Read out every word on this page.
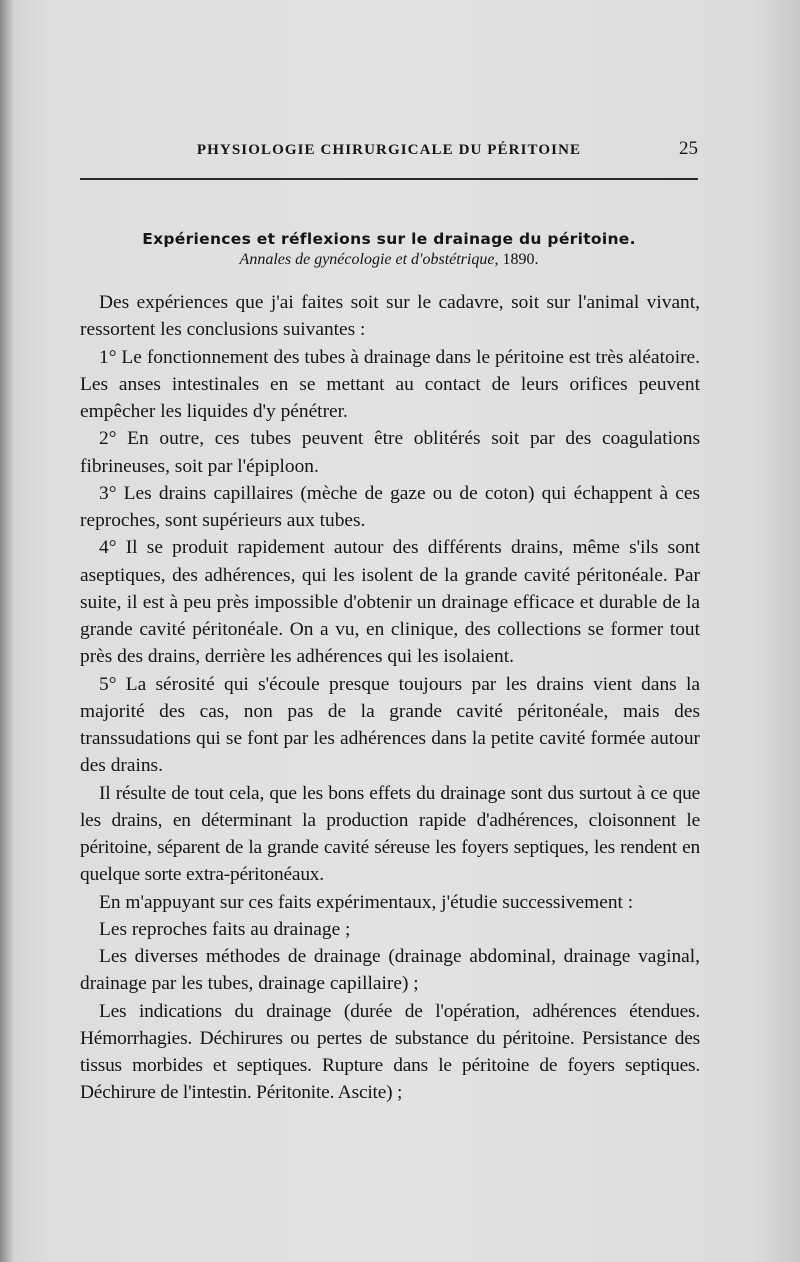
PHYSIOLOGIE CHIRURGICALE DU PÉRITOINE	25
Expériences et réflexions sur le drainage du péritoine.
Annales de gynécologie et d'obstétrique, 1890.

Des expériences que j'ai faites soit sur le cadavre, soit sur l'animal vivant, ressortent les conclusions suivantes :

1° Le fonctionnement des tubes à drainage dans le péritoine est très aléatoire. Les anses intestinales en se mettant au contact de leurs orifices peuvent empêcher les liquides d'y pénétrer.

2° En outre, ces tubes peuvent être oblitérés soit par des coagulations fibrineuses, soit par l'épiploon.

3° Les drains capillaires (mèche de gaze ou de coton) qui échappent à ces reproches, sont supérieurs aux tubes.

4° Il se produit rapidement autour des différents drains, même s'ils sont aseptiques, des adhérences, qui les isolent de la grande cavité péritonéale. Par suite, il est à peu près impossible d'obtenir un drainage efficace et durable de la grande cavité péritonéale. On a vu, en clinique, des collections se former tout près des drains, derrière les adhérences qui les isolaient.

5° La sérosité qui s'écoule presque toujours par les drains vient dans la majorité des cas, non pas de la grande cavité péritonéale, mais des transsudations qui se font par les adhérences dans la petite cavité formée autour des drains.

Il résulte de tout cela, que les bons effets du drainage sont dus surtout à ce que les drains, en déterminant la production rapide d'adhérences, cloisonnent le péritoine, séparent de la grande cavité séreuse les foyers septiques, les rendent en quelque sorte extra-péritonéaux.

En m'appuyant sur ces faits expérimentaux, j'étudie successivement :

Les reproches faits au drainage ;

Les diverses méthodes de drainage (drainage abdominal, drainage vaginal, drainage par les tubes, drainage capillaire) ;

Les indications du drainage (durée de l'opération, adhérences étendues. Hémorrhagies. Déchirures ou pertes de substance du péritoine. Persistance des tissus morbides et septiques. Rupture dans le péritoine de foyers septiques. Déchirure de l'intestin. Péritonite. Ascite) ;
